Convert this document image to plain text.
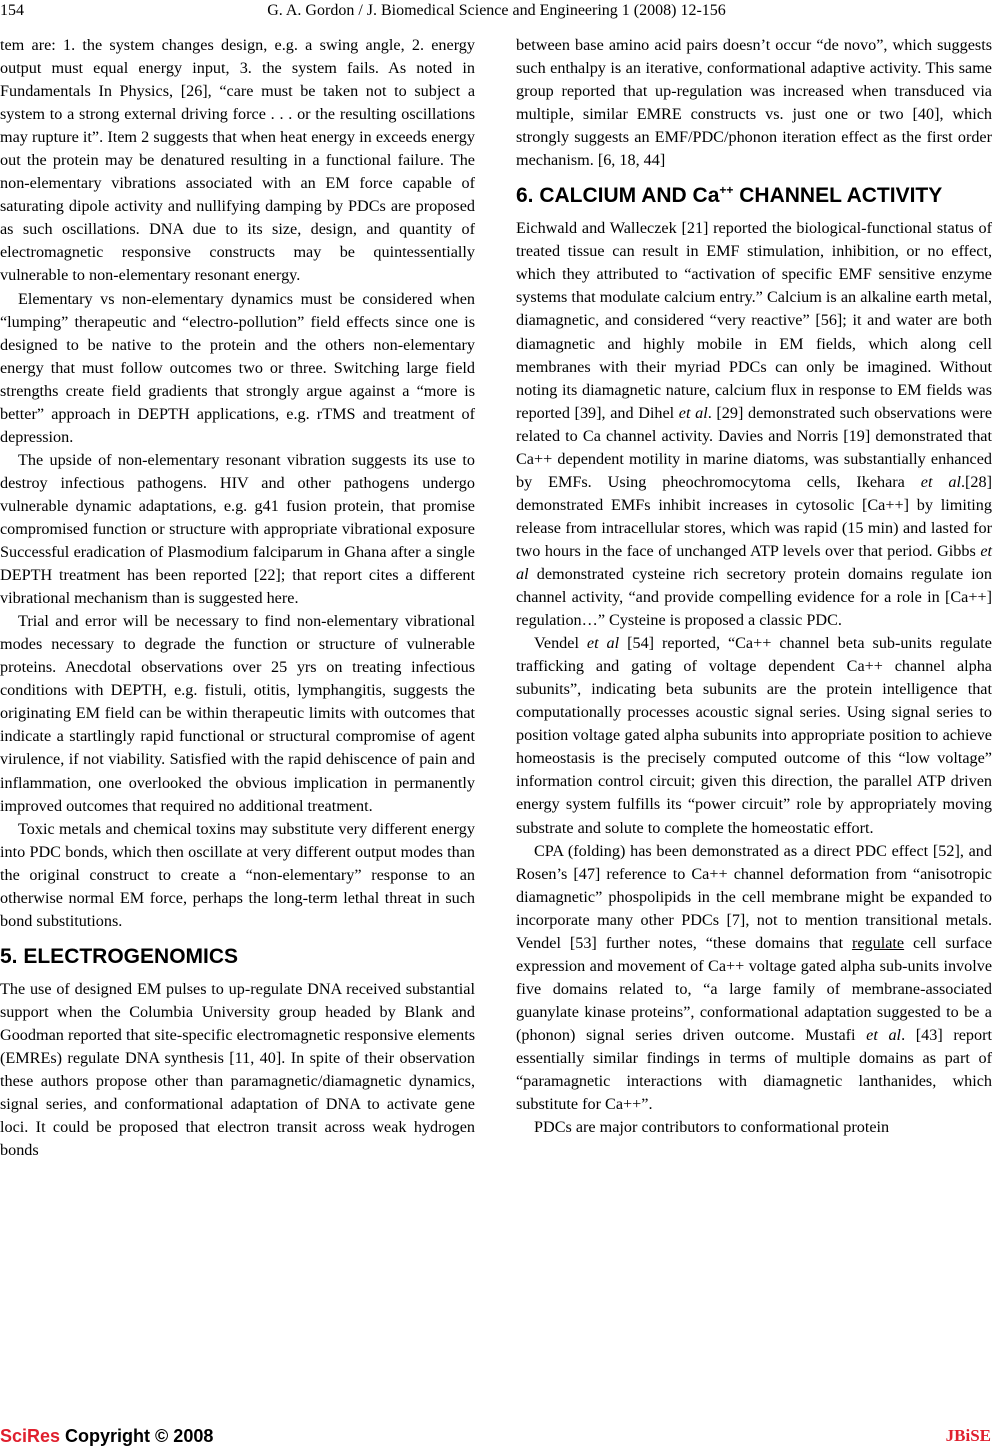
154	G. A. Gordon / J. Biomedical Science and Engineering 1 (2008) 12-156

tem are: 1. the system changes design, e.g. a swing angle, 2. energy output must equal energy input, 3. the system fails. As noted in Fundamentals In Physics, [26], “care must be taken not to subject a system to a strong external driving force . . . or the resulting oscillations may rupture it”. Item 2 suggests that when heat energy in exceeds energy out the protein may be denatured resulting in a functional failure. The non-elementary vibrations associated with an EM force capable of saturating dipole activity and nullifying damping by PDCs are proposed as such oscillations. DNA due to its size, design, and quantity of electromagnetic responsive constructs may be quintessentially vulnerable to non-elementary resonant energy.

Elementary vs non-elementary dynamics must be considered when “lumping” therapeutic and “electro-pollution” field effects since one is designed to be native to the protein and the others non-elementary energy that must follow outcomes two or three. Switching large field strengths create field gradients that strongly argue against a “more is better” approach in DEPTH applications, e.g. rTMS and treatment of depression.

The upside of non-elementary resonant vibration suggests its use to destroy infectious pathogens. HIV and other pathogens undergo vulnerable dynamic adaptations, e.g. g41 fusion protein, that promise compromised function or structure with appropriate vibrational exposure Successful eradication of Plasmodium falciparum in Ghana after a single DEPTH treatment has been reported [22]; that report cites a different vibrational mechanism than is suggested here.

Trial and error will be necessary to find non-elementary vibrational modes necessary to degrade the function or structure of vulnerable proteins. Anecdotal observations over 25 yrs on treating infectious conditions with DEPTH, e.g. fistuli, otitis, lymphangitis, suggests the originating EM field can be within therapeutic limits with outcomes that indicate a startlingly rapid functional or structural compromise of agent virulence, if not viability. Satisfied with the rapid dehiscence of pain and inflammation, one overlooked the obvious implication in permanently improved outcomes that required no additional treatment.

Toxic metals and chemical toxins may substitute very different energy into PDC bonds, which then oscillate at very different output modes than the original construct to create a “non-elementary” response to an otherwise normal EM force, perhaps the long-term lethal threat in such bond substitutions.

5. ELECTROGENOMICS

The use of designed EM pulses to up-regulate DNA received substantial support when the Columbia University group headed by Blank and Goodman reported that site-specific electromagnetic responsive elements (EMREs) regulate DNA synthesis [11, 40]. In spite of their observation these authors propose other than paramagnetic/diamagnetic dynamics, signal series, and conformational adaptation of DNA to activate gene loci. It could be proposed that electron transit across weak hydrogen bonds

between base amino acid pairs doesn’t occur “de novo”, which suggests such enthalpy is an iterative, conformational adaptive activity. This same group reported that up-regulation was increased when transduced via multiple, similar EMRE constructs vs. just one or two [40], which strongly suggests an EMF/PDC/phonon iteration effect as the first order mechanism. [6, 18, 44]

6. CALCIUM AND Ca++ CHANNEL ACTIVITY

Eichwald and Walleczek [21] reported the biological-functional status of treated tissue can result in EMF stimulation, inhibition, or no effect, which they attributed to “activation of specific EMF sensitive enzyme systems that modulate calcium entry.” Calcium is an alkaline earth metal, diamagnetic, and considered “very reactive” [56]; it and water are both diamagnetic and highly mobile in EM fields, which along cell membranes with their myriad PDCs can only be imagined. Without noting its diamagnetic nature, calcium flux in response to EM fields was reported [39], and Dihel et al. [29] demonstrated such observations were related to Ca channel activity. Davies and Norris [19] demonstrated that Ca++ dependent motility in marine diatoms, was substantially enhanced by EMFs. Using pheochromocytoma cells, Ikehara et al.[28] demonstrated EMFs inhibit increases in cytosolic [Ca++] by limiting release from intracellular stores, which was rapid (15 min) and lasted for two hours in the face of unchanged ATP levels over that period. Gibbs et al demonstrated cysteine rich secretory protein domains regulate ion channel activity, “and provide compelling evidence for a role in [Ca++] regulation…” Cysteine is proposed a classic PDC.

Vendel et al [54] reported, “Ca++ channel beta sub-units regulate trafficking and gating of voltage dependent Ca++ channel alpha subunits”, indicating beta subunits are the protein intelligence that computationally processes acoustic signal series. Using signal series to position voltage gated alpha subunits into appropriate position to achieve homeostasis is the precisely computed outcome of this “low voltage” information control circuit; given this direction, the parallel ATP driven energy system fulfills its “power circuit” role by appropriately moving substrate and solute to complete the homeostatic effort.

CPA (folding) has been demonstrated as a direct PDC effect [52], and Rosen’s [47] reference to Ca++ channel deformation from “anisotropic diamagnetic” phospolipids in the cell membrane might be expanded to incorporate many other PDCs [7], not to mention transitional metals. Vendel [53] further notes, “these domains that regulate cell surface expression and movement of Ca++ voltage gated alpha sub-units involve five domains related to, “a large family of membrane-associated guanylate kinase proteins”, conformational adaptation suggested to be a (phonon) signal series driven outcome. Mustafi et al. [43] report essentially similar findings in terms of multiple domains as part of “paramagnetic interactions with diamagnetic lanthanides, which substitute for Ca++”.

PDCs are major contributors to conformational protein

SciRes Copyright © 2008	JBiSE
